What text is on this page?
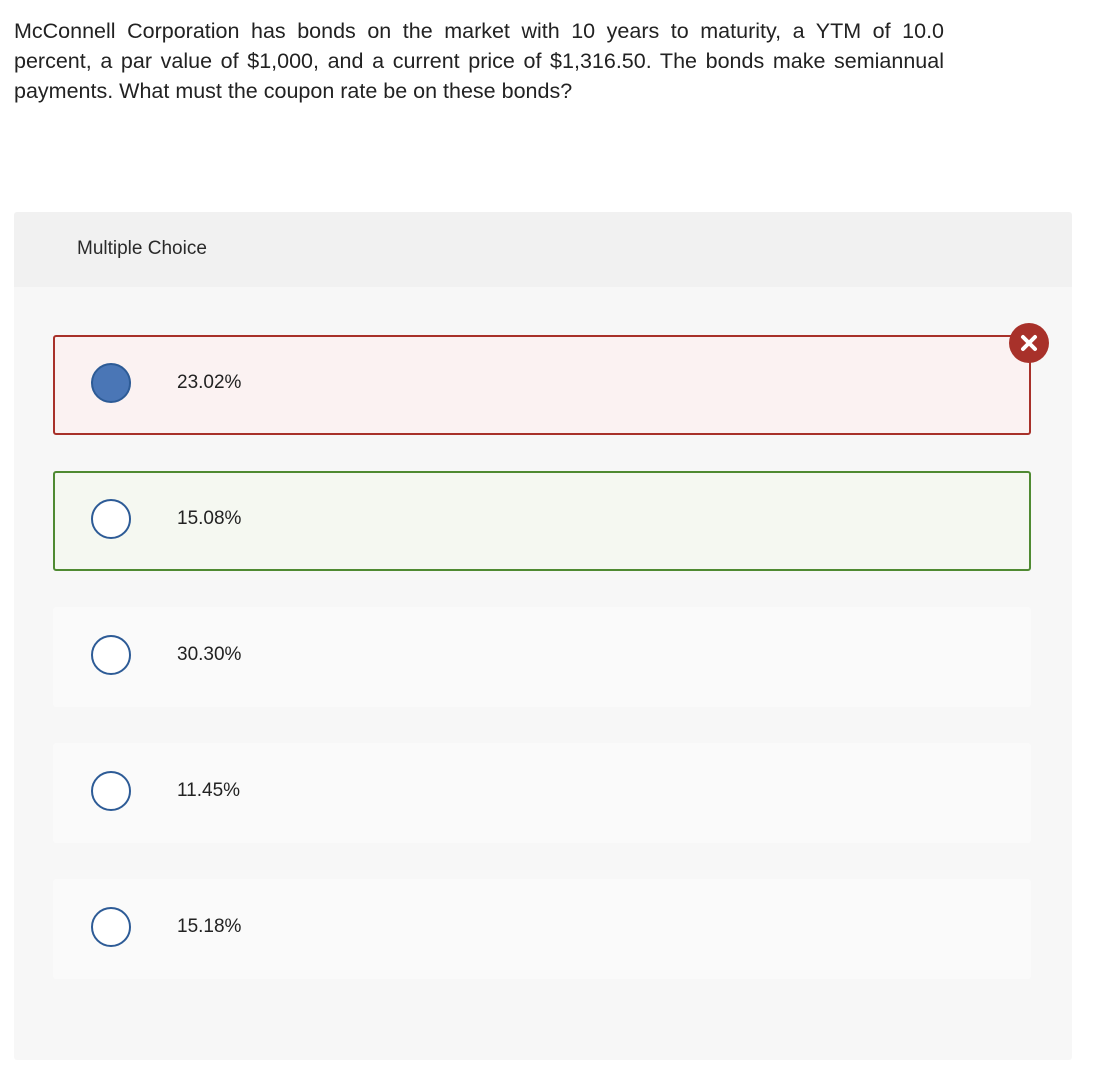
McConnell Corporation has bonds on the market with 10 years to maturity, a YTM of 10.0 percent, a par value of $1,000, and a current price of $1,316.50. The bonds make semiannual payments. What must the coupon rate be on these bonds?

Multiple Choice
23.02%
15.08%
30.30%
11.45%
15.18%
